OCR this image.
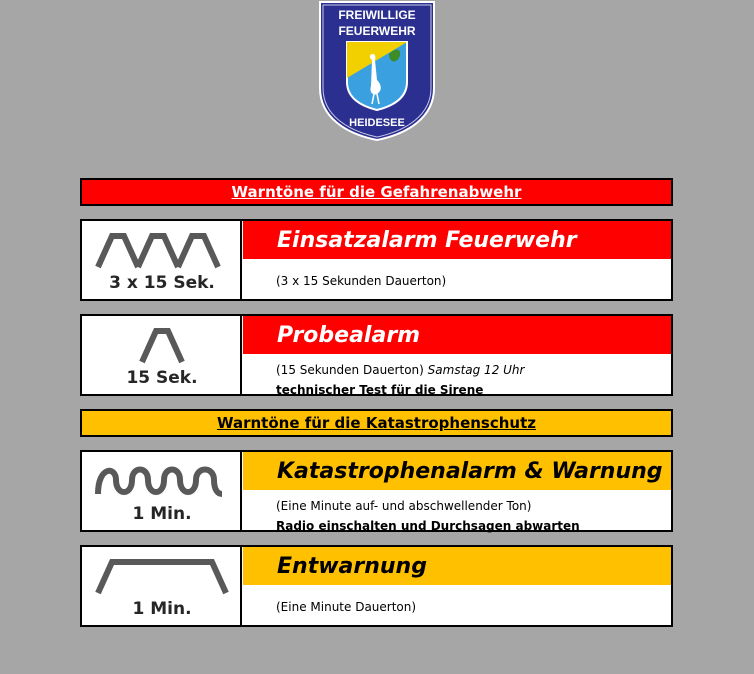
FREIWILLIGE
FEUERWEHR
HEIDESEE
Warntöne für die Gefahrenabwehr
3 x 15 Sek.
Einsatzalarm Feuerwehr
(3 x 15 Sekunden Dauerton)
15 Sek.
Probealarm
(15 Sekunden Dauerton) Samstag 12 Uhr
technischer Test für die Sirene
Warntöne für die Katastrophenschutz
1 Min.
Katastrophenalarm & Warnung
(Eine Minute auf- und abschwellender Ton)
Radio einschalten und Durchsagen abwarten
1 Min.
Entwarnung
(Eine Minute Dauerton)
